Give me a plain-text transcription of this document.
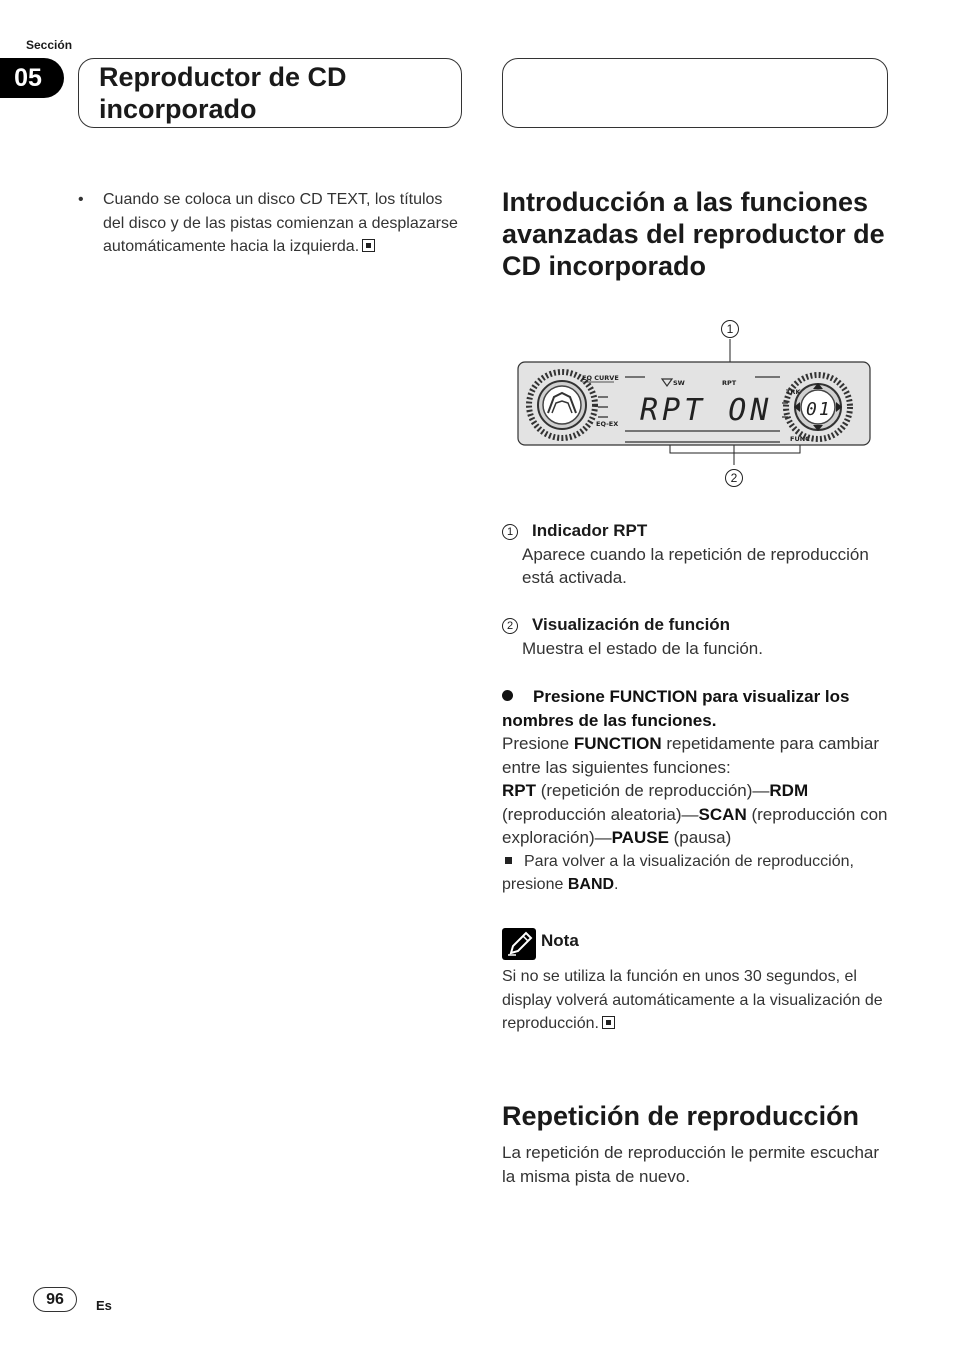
Sección
05	Reproductor de CD incorporado
• Cuando se coloca un disco CD TEXT, los títulos del disco y de las pistas comienzan a desplazarse automáticamente hacia la izquierda.
Introducción a las funciones avanzadas del reproductor de CD incorporado
1
2
EQ CURVE
EQ-EX
SW	RPT
TRK
FUNC
RPT ON 01
1 Indicador RPT
Aparece cuando la repetición de reproducción está activada.
2 Visualización de función
Muestra el estado de la función.
Presione FUNCTION para visualizar los nombres de las funciones.
Presione FUNCTION repetidamente para cambiar entre las siguientes funciones:
RPT (repetición de reproducción)—RDM (reproducción aleatoria)—SCAN (reproducción con exploración)—PAUSE (pausa)
Para volver a la visualización de reproducción, presione BAND.
Nota
Si no se utiliza la función en unos 30 segundos, el display volverá automáticamente a la visualización de reproducción.
Repetición de reproducción
La repetición de reproducción le permite escuchar la misma pista de nuevo.
96	Es
